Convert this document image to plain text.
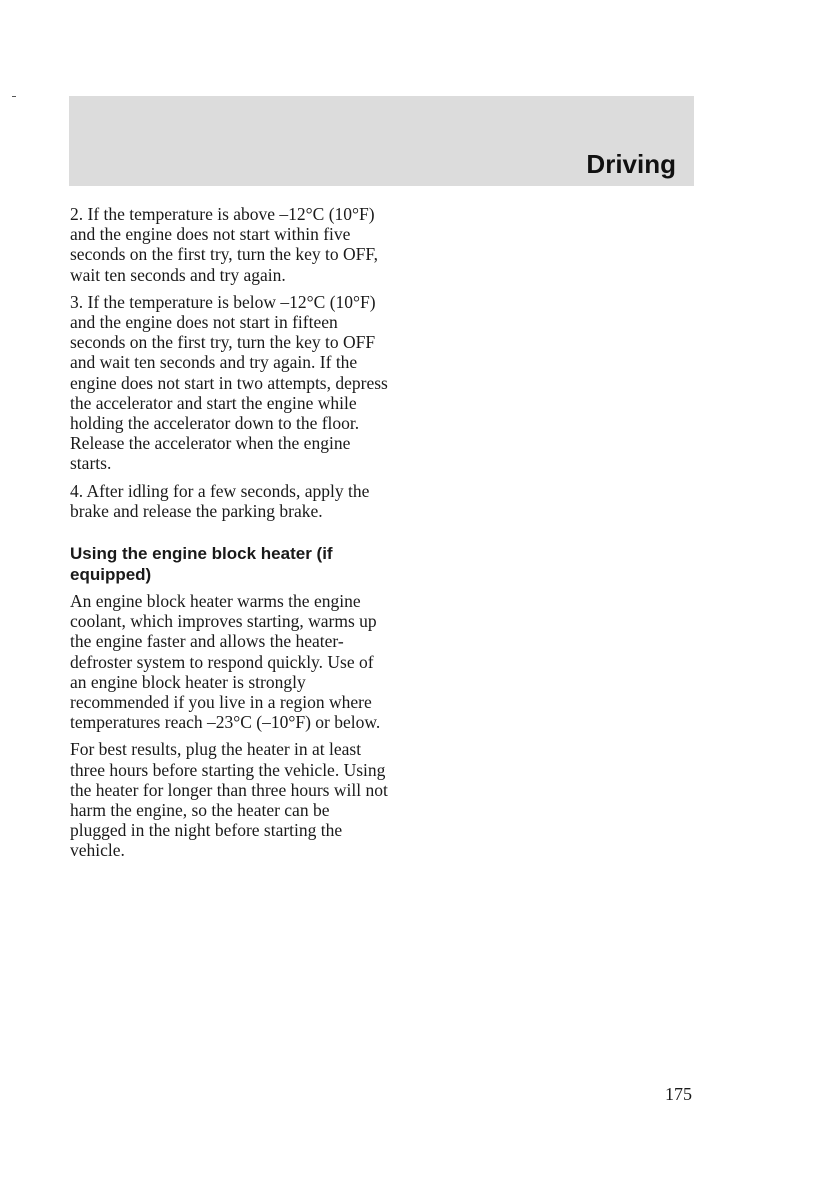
Driving

2. If the temperature is above –12°C (10°F) and the engine does not start within five seconds on the first try, turn the key to OFF, wait ten seconds and try again.

3. If the temperature is below –12°C (10°F) and the engine does not start in fifteen seconds on the first try, turn the key to OFF and wait ten seconds and try again. If the engine does not start in two attempts, depress the accelerator and start the engine while holding the accelerator down to the floor. Release the accelerator when the engine starts.

4. After idling for a few seconds, apply the brake and release the parking brake.

Using the engine block heater (if equipped)

An engine block heater warms the engine coolant, which improves starting, warms up the engine faster and allows the heater- defroster system to respond quickly. Use of an engine block heater is strongly recommended if you live in a region where temperatures reach –23°C (–10°F) or below.

For best results, plug the heater in at least three hours before starting the vehicle. Using the heater for longer than three hours will not harm the engine, so the heater can be plugged in the night before starting the vehicle.

175
